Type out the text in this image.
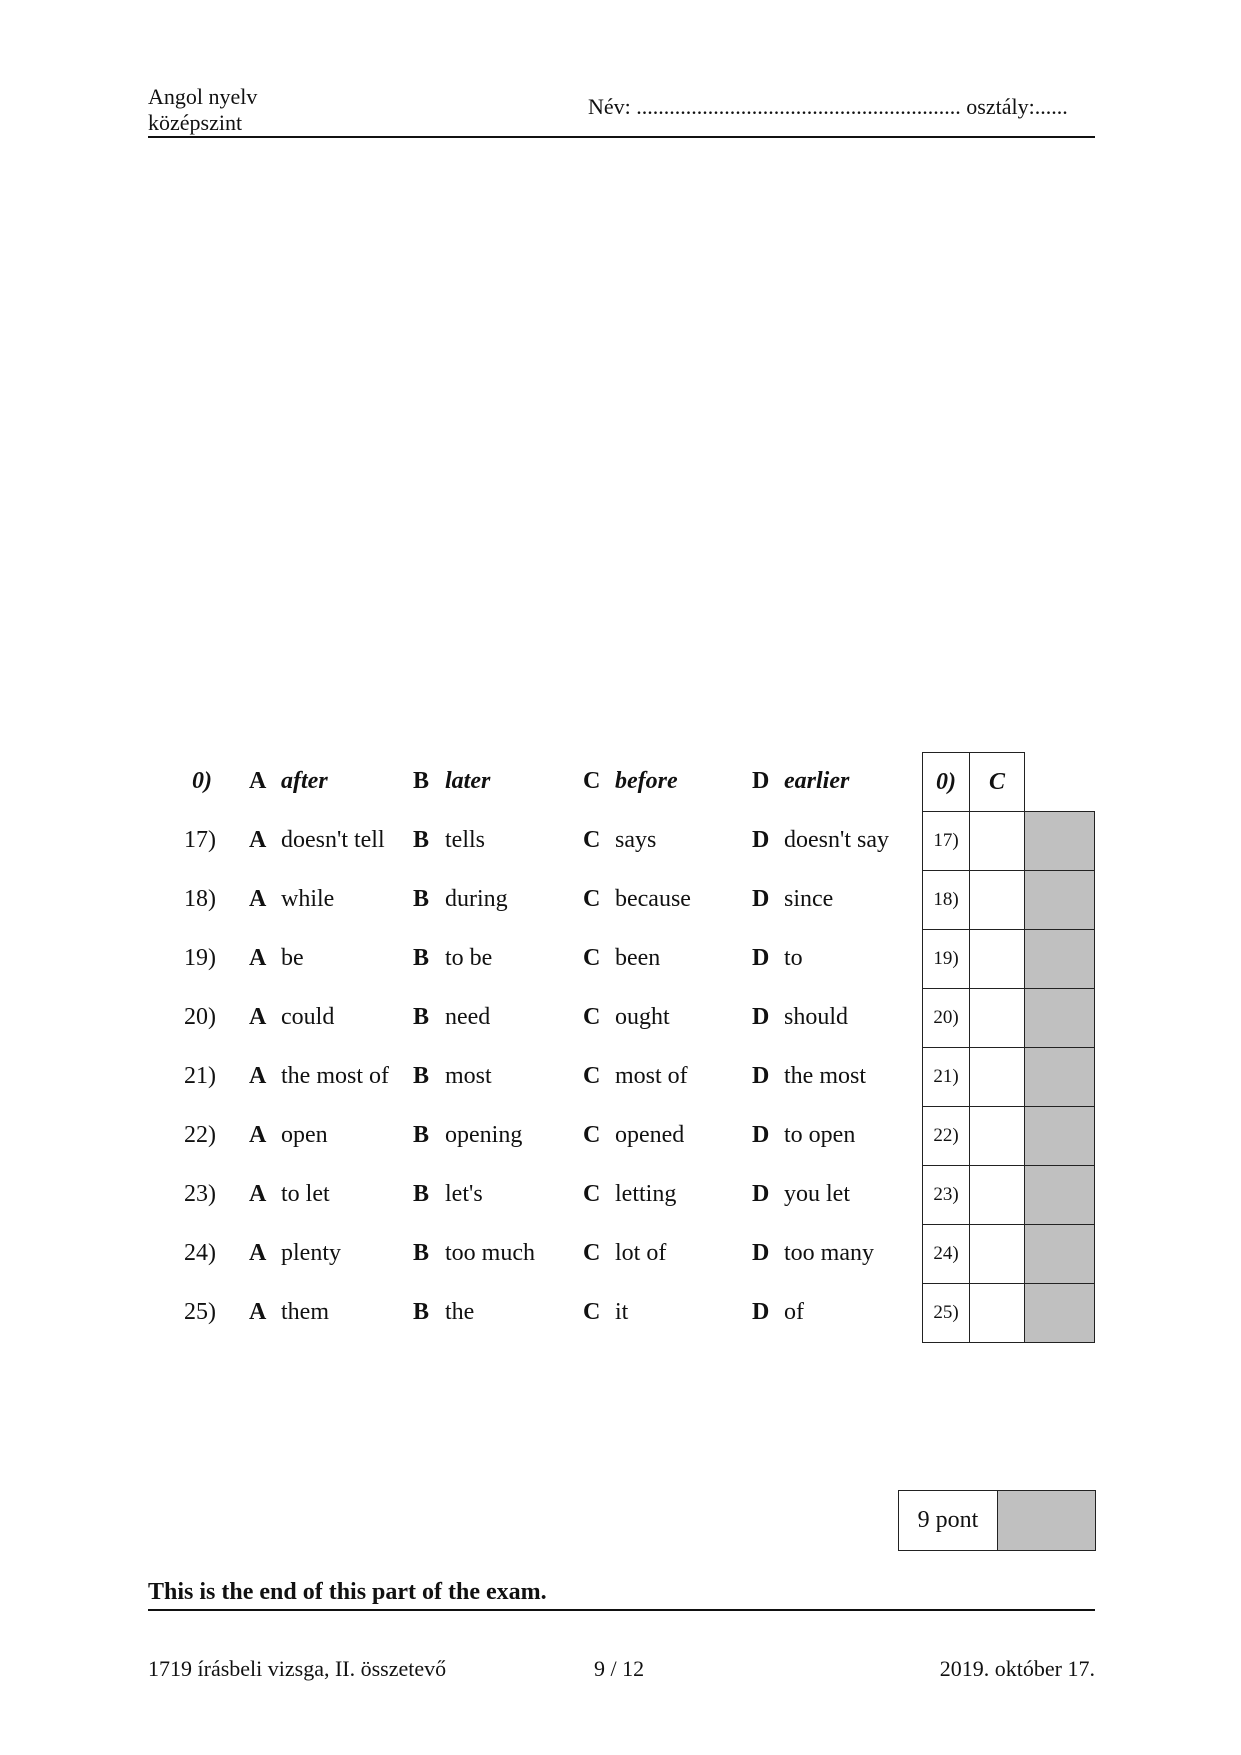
Angol nyelv
középszint
Név: ........................................................... osztály:......
0) A after	B later	C before	D earlier
17) A doesn't tell B tells	C says	D doesn't say
18) A while	B during	C because	D since
19) A be	B to be	C been	D to
20) A could	B need	C ought	D should
21) A the most of B most	C most of	D the most
22) A open	B opening	C opened	D to open
23) A to let	B let's	C letting	D you let
24) A plenty	B too much C lot of	D too many
25) A them	B the	C it	D of
0)	C
17)
18)
19)
20)
21)
22)
23)
24)
25)
9 pont
This is the end of this part of the exam.
1719 írásbeli vizsga, II. összetevő	9 / 12	2019. október 17.
